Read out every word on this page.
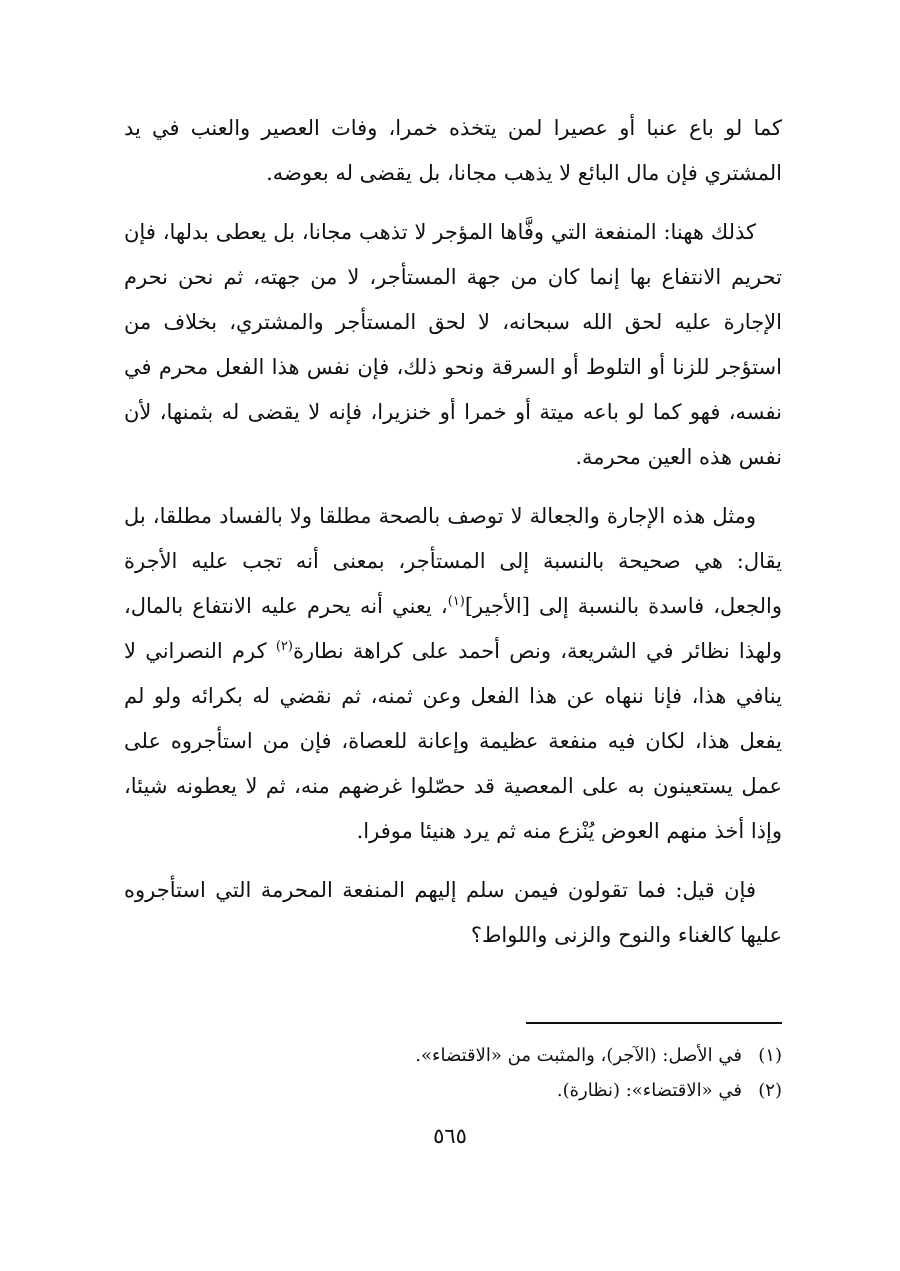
كما لو باع عنبا أو عصيرا لمن يتخذه خمرا، وفات العصير والعنب في يد المشتري فإن مال البائع لا يذهب مجانا، بل يقضى له بعوضه.

كذلك ههنا: المنفعة التي وفَّاها المؤجر لا تذهب مجانا، بل يعطى بدلها، فإن تحريم الانتفاع بها إنما كان من جهة المستأجر، لا من جهته، ثم نحن نحرم الإجارة عليه لحق الله سبحانه، لا لحق المستأجر والمشتري، بخلاف من استؤجر للزنا أو التلوط أو السرقة ونحو ذلك، فإن نفس هذا الفعل محرم في نفسه، فهو كما لو باعه ميتة أو خمرا أو خنزيرا، فإنه لا يقضى له بثمنها، لأن نفس هذه العين محرمة.

ومثل هذه الإجارة والجعالة لا توصف بالصحة مطلقا ولا بالفساد مطلقا، بل يقال: هي صحيحة بالنسبة إلى المستأجر، بمعنى أنه تجب عليه الأجرة والجعل، فاسدة بالنسبة إلى [الأجير]$^{(١)}$، يعني أنه يحرم عليه الانتفاع بالمال، ولهذا نظائر في الشريعة، ونص أحمد على كراهة نطارة$^{(٢)}$ كرم النصراني لا ينافي هذا، فإنا ننهاه عن هذا الفعل وعن ثمنه، ثم نقضي له بكرائه ولو لم يفعل هذا، لكان فيه منفعة عظيمة وإعانة للعصاة، فإن من استأجروه على عمل يستعينون به على المعصية قد حصّلوا غرضهم منه، ثم لا يعطونه شيئا، وإذا أخذ منهم العوض يُنْزع منه ثم يرد هنيئا موفرا.

فإن قيل: فما تقولون فيمن سلم إليهم المنفعة المحرمة التي استأجروه عليها كالغناء والنوح والزنى واللواط؟

(١)
في الأصل: (الآجر)، والمثبت من «الاقتضاء».
(٢)
في «الاقتضاء»: (نظارة).
٥٦٥
